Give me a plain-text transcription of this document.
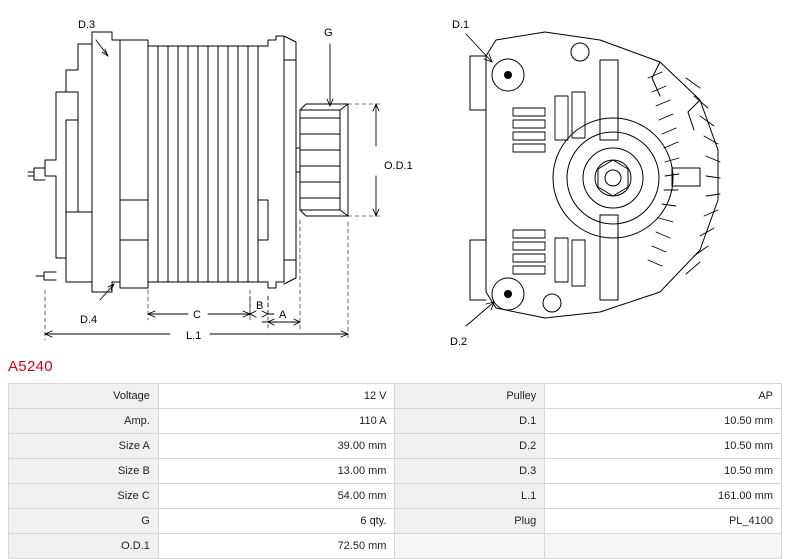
D.3
G
O.D.1
D.4	C
B
A
L.1
D.1
D.2
A5240
Voltage	12 V	Pulley	AP
Amp.	110 A	D.1	10.50 mm
Size A	39.00 mm	D.2	10.50 mm
Size B	13.00 mm	D.3	10.50 mm
Size C	54.00 mm	L.1	161.00 mm
G	6 qty.	Plug	PL_4100
O.D.1	72.50 mm		
